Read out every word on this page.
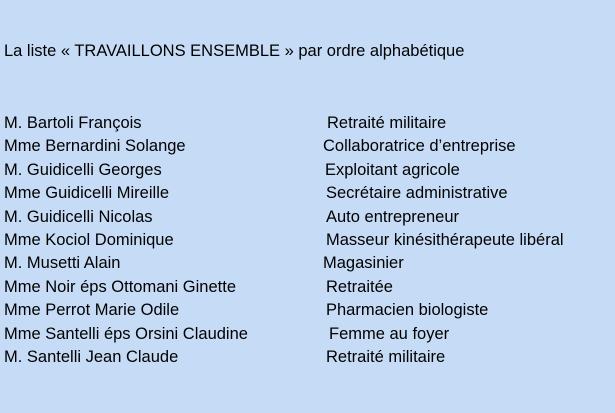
La liste « TRAVAILLONS ENSEMBLE » par ordre alphabétique
M. Bartoli François	Retraité militaire
Mme Bernardini Solange	Collaboratrice d’entreprise
M. Guidicelli Georges	Exploitant agricole
Mme Guidicelli Mireille	Secrétaire administrative
M. Guidicelli Nicolas	Auto entrepreneur
Mme Kociol Dominique	Masseur kinésithérapeute libéral
M. Musetti Alain	Magasinier
Mme Noir éps Ottomani Ginette	Retraitée
Mme Perrot Marie Odile	Pharmacien biologiste
Mme Santelli éps Orsini Claudine	Femme au foyer
M. Santelli Jean Claude	Retraité militaire
